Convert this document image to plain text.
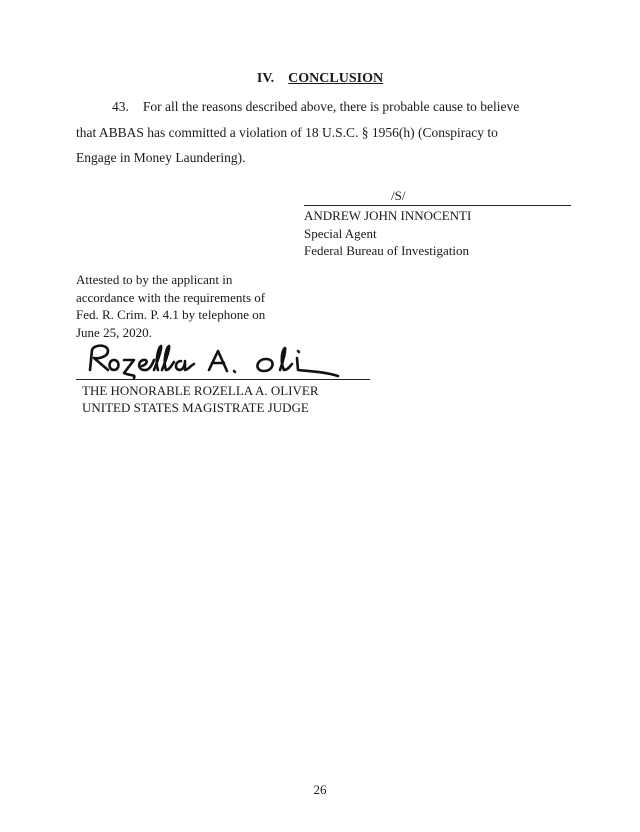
IV. CONCLUSION
43. For all the reasons described above, there is probable cause to believe
that ABBAS has committed a violation of 18 U.S.C. § 1956(h) (Conspiracy to
Engage in Money Laundering).
/S/
ANDREW JOHN INNOCENTI
Special Agent
Federal Bureau of Investigation
Attested to by the applicant in
accordance with the requirements of
Fed. R. Crim. P. 4.1 by telephone on
June 25, 2020.
THE HONORABLE ROZELLA A. OLIVER
UNITED STATES MAGISTRATE JUDGE
26
